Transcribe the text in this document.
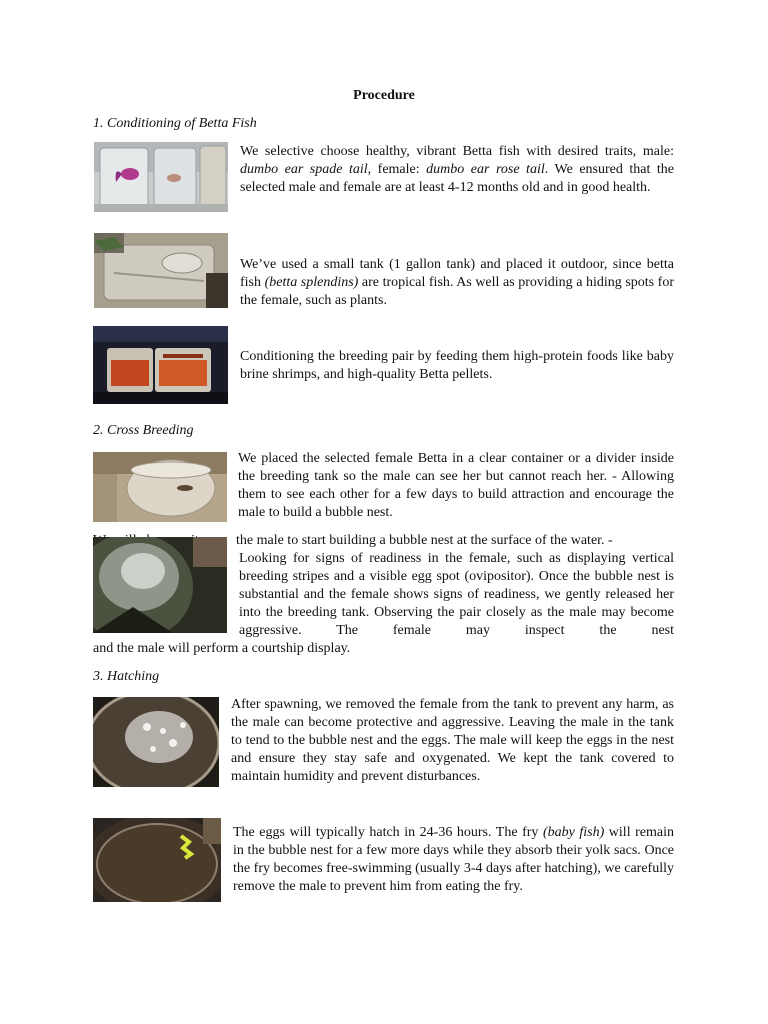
Procedure
1. Conditioning of Betta Fish
We selective choose healthy, vibrant Betta fish with desired traits, male: dumbo ear spade tail, female: dumbo ear rose tail. We ensured that the selected male and female are at least 4-12 months old and in good health.
We’ve used a small tank (1 gallon tank) and placed it outdoor, since betta fish (betta splendins) are tropical fish. As well as providing a hiding spots for the female, such as plants.
Conditioning the breeding pair by feeding them high-protein foods like baby brine shrimps, and high-quality Betta pellets.
2. Cross Breeding
We placed the selected female Betta in a clear container or a divider inside the breeding tank so the male can see her but cannot reach her. - Allowing them to see each other for a few days to build attraction and encourage the male to build a bubble nest.
the male to start building a bubble nest at the surface of the water. -
Looking for signs of readiness in the female, such as displaying vertical breeding stripes and a visible egg spot (ovipositor). Once the bubble nest is substantial and the female shows signs of readiness, we gently released her into the breeding tank. Observing the pair closely as the male may become aggressive. The female may inspect the nest
and the male will perform a courtship display.
3. Hatching
After spawning, we removed the female from the tank to prevent any harm, as the male can become protective and aggressive. Leaving the male in the tank to tend to the bubble nest and the eggs. The male will keep the eggs in the nest and ensure they stay safe and oxygenated. We kept the tank covered to maintain humidity and prevent disturbances.
The eggs will typically hatch in 24-36 hours. The fry (baby fish) will remain in the bubble nest for a few more days while they absorb their yolk sacs. Once the fry becomes free-swimming (usually 3-4 days after hatching), we carefully remove the male to prevent him from eating the fry.
